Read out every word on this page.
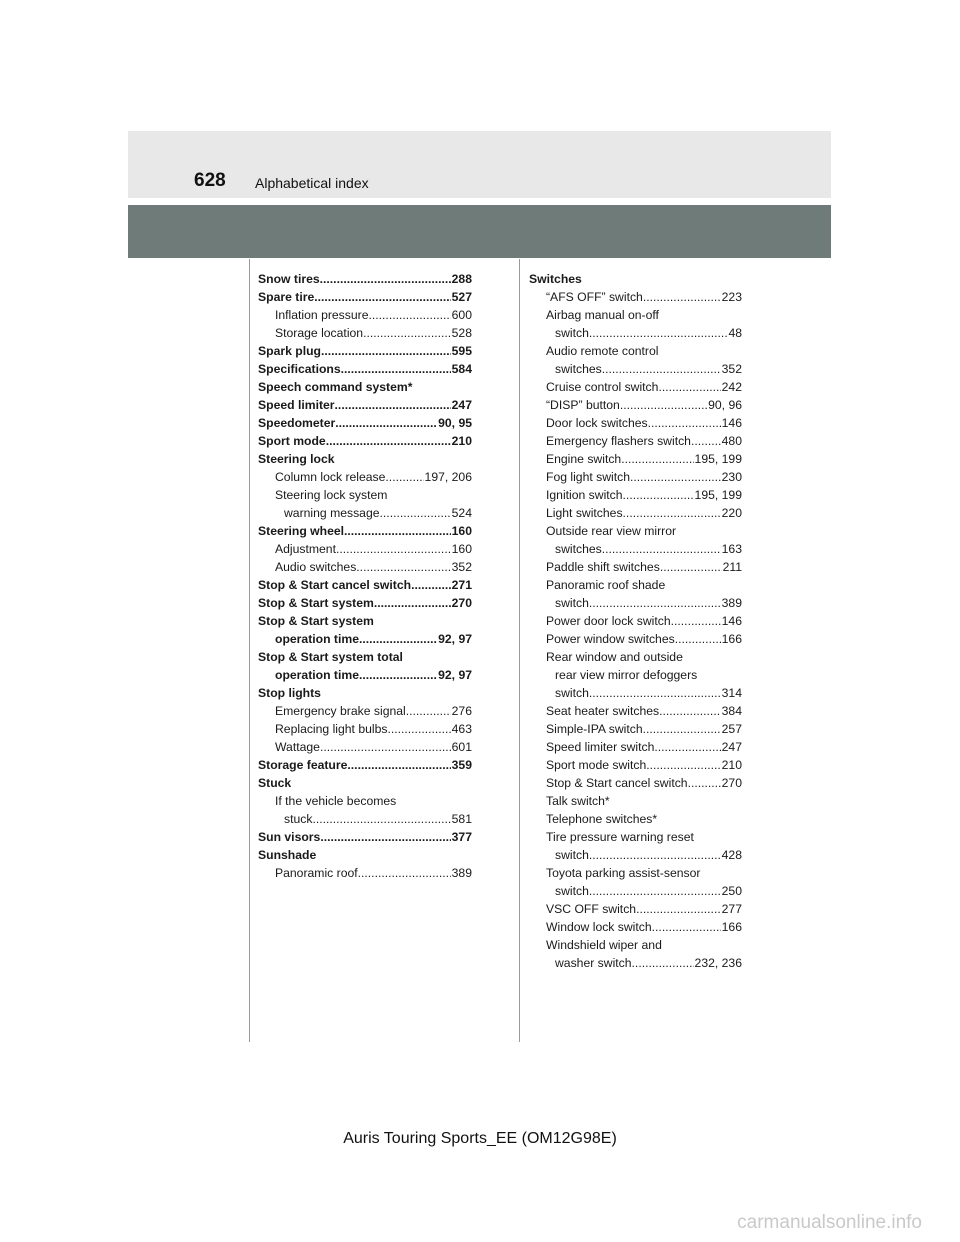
628 Alphabetical index
Snow tires .....	288
Spare tire .....	527
Inflation pressure .....	600
Storage location .....	528
Spark plug .....	595
Specifications .....	584
Speech command system*
Speed limiter .....	247
Speedometer .....	90, 95
Sport mode .....	210
Steering lock
Column lock release .....	197, 206
Steering lock system
warning message .....	524
Steering wheel .....	160
Adjustment .....	160
Audio switches .....	352
Stop & Start cancel switch .....	271
Stop & Start system .....	270
Stop & Start system
operation time .....	92, 97
Stop & Start system total
operation time .....	92, 97
Stop lights
Emergency brake signal .....	276
Replacing light bulbs .....	463
Wattage .....	601
Storage feature .....	359
Stuck
If the vehicle becomes
stuck .....	581
Sun visors .....	377
Sunshade
Panoramic roof .....	389
Switches
“AFS OFF” switch .....	223
Airbag manual on-off
switch .....	48
Audio remote control
switches .....	352
Cruise control switch .....	242
“DISP” button .....	90, 96
Door lock switches .....	146
Emergency flashers switch .....	480
Engine switch .....	195, 199
Fog light switch .....	230
Ignition switch .....	195, 199
Light switches .....	220
Outside rear view mirror
switches .....	163
Paddle shift switches .....	211
Panoramic roof shade
switch .....	389
Power door lock switch .....	146
Power window switches .....	166
Rear window and outside
rear view mirror defoggers
switch .....	314
Seat heater switches .....	384
Simple-IPA switch .....	257
Speed limiter switch .....	247
Sport mode switch .....	210
Stop & Start cancel switch .....	270
Talk switch*
Telephone switches*
Tire pressure warning reset
switch .....	428
Toyota parking assist-sensor
switch .....	250
VSC OFF switch .....	277
Window lock switch .....	166
Windshield wiper and
washer switch .....	232, 236
Auris Touring Sports_EE (OM12G98E)
carmanualsonline.info
